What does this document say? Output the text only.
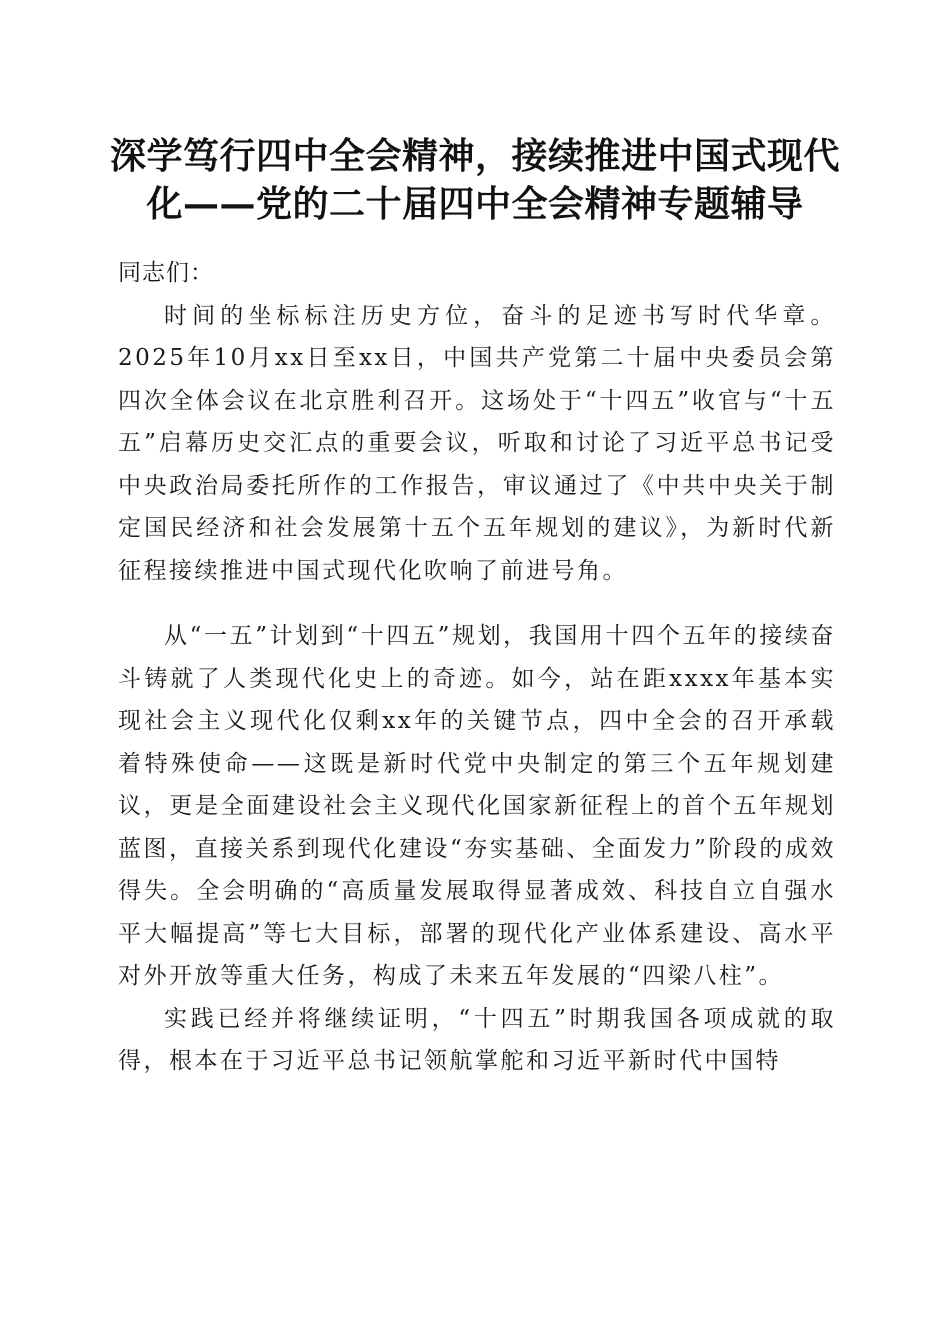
深学笃行四中全会精神，接续推进中国式现代化——党的二十届四中全会精神专题辅导

同志们：

时间的坐标标注历史方位，奋斗的足迹书写时代华章。2025年10月xx日至xx日，中国共产党第二十届中央委员会第四次全体会议在北京胜利召开。这场处于“十四五”收官与“十五五”启幕历史交汇点的重要会议，听取和讨论了习近平总书记受中央政治局委托所作的工作报告，审议通过了《中共中央关于制定国民经济和社会发展第十五个五年规划的建议》，为新时代新征程接续推进中国式现代化吹响了前进号角。

从“一五”计划到“十四五”规划，我国用十四个五年的接续奋斗铸就了人类现代化史上的奇迹。如今，站在距xxxx年基本实现社会主义现代化仅剩xx年的关键节点，四中全会的召开承载着特殊使命——这既是新时代党中央制定的第三个五年规划建议，更是全面建设社会主义现代化国家新征程上的首个五年规划蓝图，直接关系到现代化建设“夯实基础、全面发力”阶段的成效得失。全会明确的“高质量发展取得显著成效、科技自立自强水平大幅提高”等七大目标，部署的现代化产业体系建设、高水平对外开放等重大任务，构成了未来五年发展的“四梁八柱”。

实践已经并将继续证明，“十四五”时期我国各项成就的取得，根本在于习近平总书记领航掌舵和习近平新时代中国特
